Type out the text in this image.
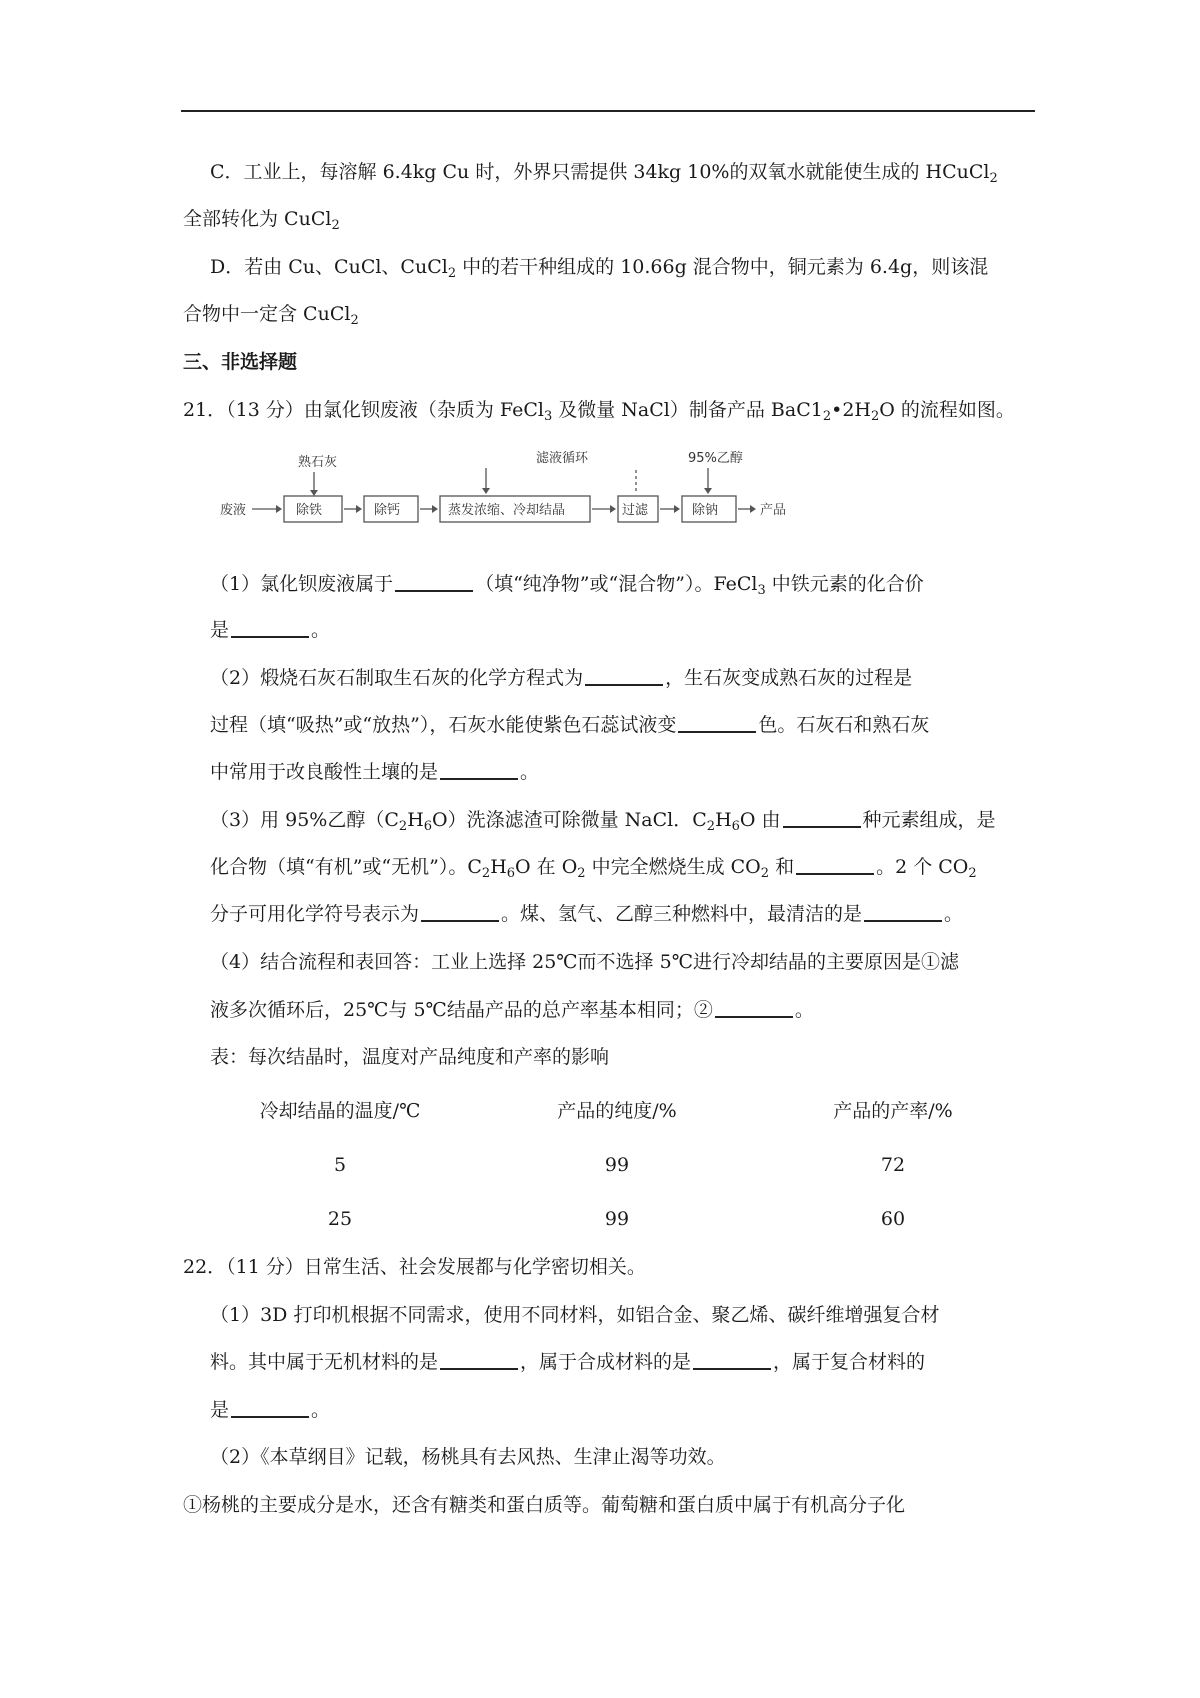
C．工业上，每溶解 6.4kg Cu 时，外界只需提供 34kg 10%的双氧水就能使生成的 HCuCl$_2$
全部转化为 CuCl$_2$
D．若由 Cu、CuCl、CuCl$_2$ 中的若干种组成的 10.66g 混合物中，铜元素为 6.4g，则该混
合物中一定含 CuCl$_2$
三、非选择题
21．（13 分）由氯化钡废液（杂质为 FeCl$_3$ 及微量 NaCl）制备产品 $BaC1_2•2H_2O$ 的流程如图。
熟石灰
废液	除铁	除钙	蒸发浓缩、冷却结晶
滤液循环
过滤
95%乙醇
除钠	产品
（1）氯化钡废液属于	（填“纯净物”或“混合物”）。FeCl$_3$ 中铁元素的化合价
是	。
（2）煅烧石灰石制取生石灰的化学方程式为	，生石灰变成熟石灰的过程是
过程（填“吸热”或“放热”），石灰水能使紫色石蕊试液变	色。石灰石和熟石灰
中常用于改良酸性土壤的是	。
（3）用 95%乙醇$(C_2H_6O)$洗涤滤渣可除微量 NaCl．$C_2H_6O$ 由	种元素组成，是
化合物（填“有机”或“无机”）。$C_2H_6O$ 在 $O_2$ 中完全燃烧生成 $CO_2$ 和	。2 个 $CO_2$
分子可用化学符号表示为	。煤、氢气、乙醇三种燃料中，最清洁的是	。
（4）结合流程和表回答：工业上选择 25℃而不选择 5℃进行冷却结晶的主要原因是①滤
液多次循环后，25℃与 5℃结晶产品的总产率基本相同；②	。
表：每次结晶时，温度对产品纯度和产率的影响
冷却结晶的温度/℃	产品的纯度/%	产品的产率/%
5	99	72
25	99	60
22．（11 分）日常生活、社会发展都与化学密切相关。
（1）3D 打印机根据不同需求，使用不同材料，如铝合金、聚乙烯、碳纤维增强复合材
料。其中属于无机材料的是	，属于合成材料的是	，属于复合材料的
是	。
（2）《本草纲目》记载，杨桃具有去风热、生津止渴等功效。
①杨桃的主要成分是水，还含有糖类和蛋白质等。葡萄糖和蛋白质中属于有机高分子化
